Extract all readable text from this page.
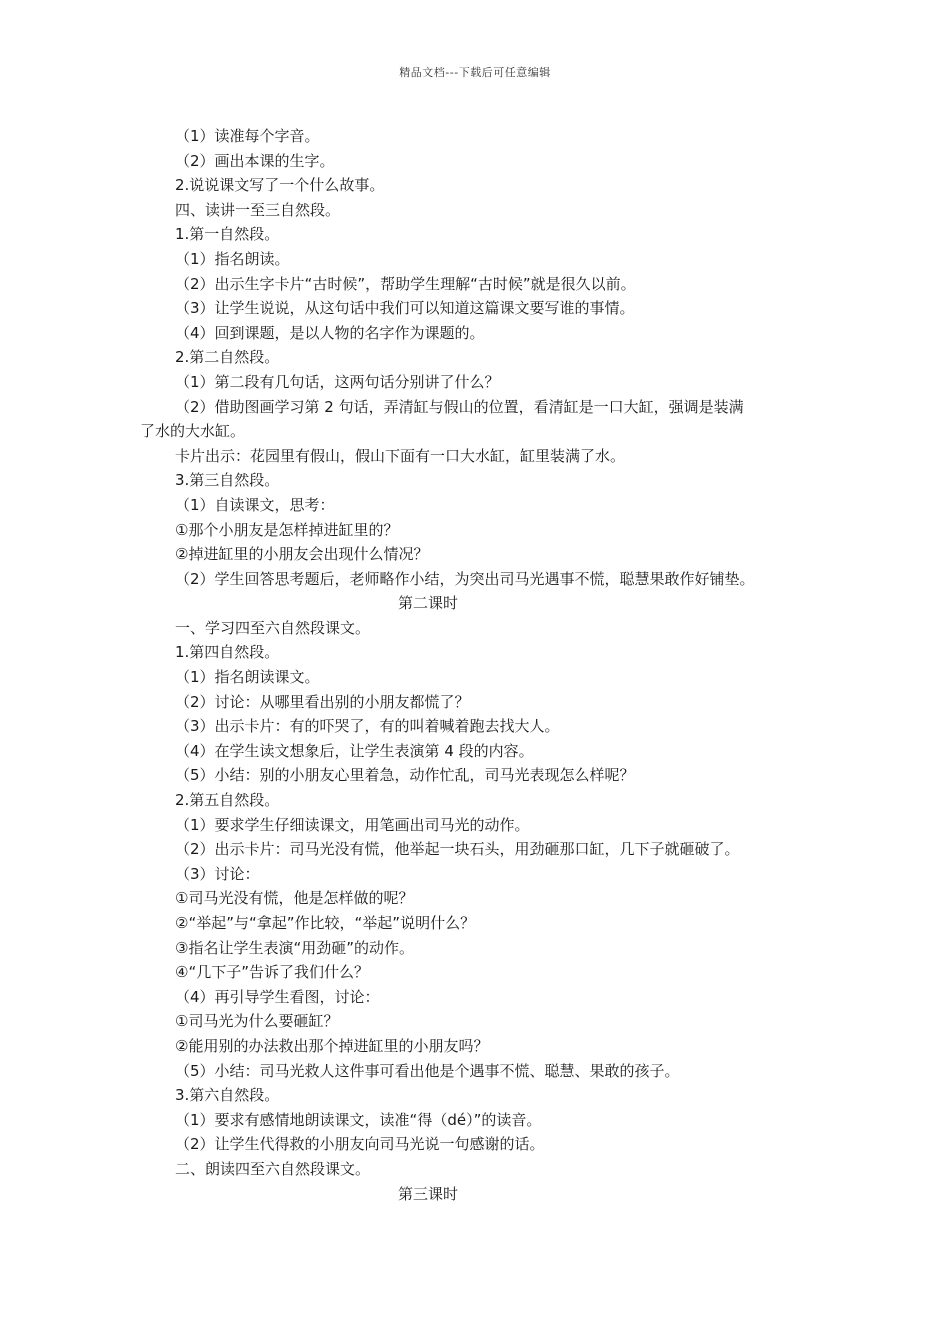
精品文档---下载后可任意编辑
（1）读准每个字音。
（2）画出本课的生字。
2.说说课文写了一个什么故事。
四、读讲一至三自然段。
1.第一自然段。
（1）指名朗读。
（2）出示生字卡片“古时候”，帮助学生理解“古时候”就是很久以前。
（3）让学生说说，从这句话中我们可以知道这篇课文要写谁的事情。
（4）回到课题，是以人物的名字作为课题的。
2.第二自然段。
（1）第二段有几句话，这两句话分别讲了什么？
（2）借助图画学习第 2 句话，弄清缸与假山的位置，看清缸是一口大缸，强调是装满
了水的大水缸。
卡片出示：花园里有假山，假山下面有一口大水缸，缸里装满了水。
3.第三自然段。
（1）自读课文，思考：
①那个小朋友是怎样掉进缸里的？
②掉进缸里的小朋友会出现什么情况？
（2）学生回答思考题后，老师略作小结，为突出司马光遇事不慌，聪慧果敢作好铺垫。
第二课时
一、学习四至六自然段课文。
1.第四自然段。
（1）指名朗读课文。
（2）讨论：从哪里看出别的小朋友都慌了？
（3）出示卡片：有的吓哭了，有的叫着喊着跑去找大人。
（4）在学生读文想象后，让学生表演第 4 段的内容。
（5）小结：别的小朋友心里着急，动作忙乱，司马光表现怎么样呢？
2.第五自然段。
（1）要求学生仔细读课文，用笔画出司马光的动作。
（2）出示卡片：司马光没有慌，他举起一块石头，用劲砸那口缸，几下子就砸破了。
（3）讨论：
①司马光没有慌，他是怎样做的呢？
②“举起”与“拿起”作比较，“举起”说明什么？
③指名让学生表演“用劲砸”的动作。
④“几下子”告诉了我们什么？
（4）再引导学生看图，讨论：
①司马光为什么要砸缸？
②能用别的办法救出那个掉进缸里的小朋友吗？
（5）小结：司马光救人这件事可看出他是个遇事不慌、聪慧、果敢的孩子。
3.第六自然段。
（1）要求有感情地朗读课文，读准“得（dé）”的读音。
（2）让学生代得救的小朋友向司马光说一句感谢的话。
二、朗读四至六自然段课文。
第三课时
